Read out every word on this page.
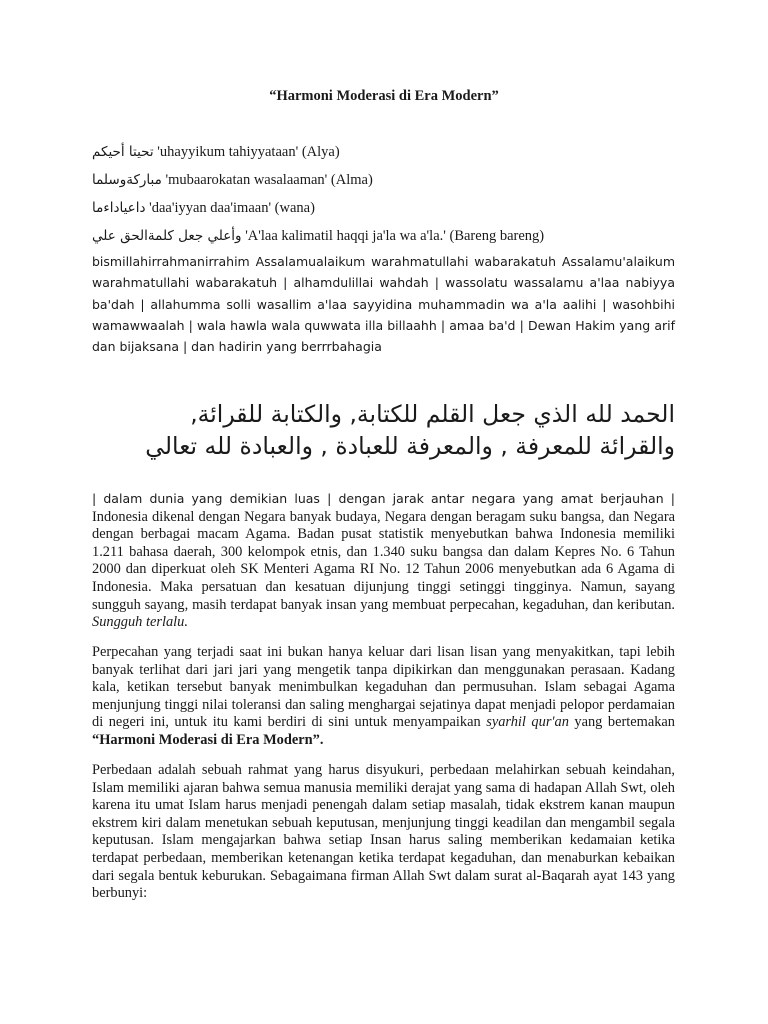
“Harmoni Moderasi di Era Modern”
تحيتا أحيكم 'uhayyikum tahiyyataan' (Alya)
مباركةوسلما 'mubaarokatan wasalaaman' (Alma)
داعياداءما 'daa'iyyan daa'imaan' (wana)
وأعلي جعل كلمةالحق علي 'A'laa kalimatil haqqi ja'la wa a'la.' (Bareng bareng)
bismillahirrahmanirrahim Assalamualaikum warahmatullahi wabarakatuh Assalamu'alaikum warahmatullahi wabarakatuh | alhamdulillai wahdah | wassolatu wassalamu a'laa nabiyya ba'dah | allahumma solli wasallim a'laa sayyidina muhammadin wa a'la aalihi | wasohbihi wamawwaalah | wala hawla wala quwwata illa billaahh | amaa ba'd | Dewan Hakim yang arif dan bijaksana | dan hadirin yang berrrbahagia
الحمد لله الذي جعل القلم للكتابة, والكتابة للقرائة,
والقرائة للمعرفة , والمعرفة للعبادة , والعبادة لله تعالي
| dalam dunia yang demikian luas | dengan jarak antar negara yang amat berjauhan | Indonesia dikenal dengan Negara banyak budaya, Negara dengan beragam suku bangsa, dan Negara dengan berbagai macam Agama. Badan pusat statistik menyebutkan bahwa Indonesia memiliki 1.211 bahasa daerah, 300 kelompok etnis, dan 1.340 suku bangsa dan dalam Kepres No. 6 Tahun 2000 dan diperkuat oleh SK Menteri Agama RI No. 12 Tahun 2006 menyebutkan ada 6 Agama di Indonesia. Maka persatuan dan kesatuan dijunjung tinggi setinggi tingginya. Namun, sayang sungguh sayang, masih terdapat banyak insan yang membuat perpecahan, kegaduhan, dan keributan. Sungguh terlalu.
Perpecahan yang terjadi saat ini bukan hanya keluar dari lisan lisan yang menyakitkan, tapi lebih banyak terlihat dari jari jari yang mengetik tanpa dipikirkan dan menggunakan perasaan. Kadang kala, ketikan tersebut banyak menimbulkan kegaduhan dan permusuhan. Islam sebagai Agama menjunjung tinggi nilai toleransi dan saling menghargai sejatinya dapat menjadi pelopor perdamaian di negeri ini, untuk itu kami berdiri di sini untuk menyampaikan syarhil qur'an yang bertemakan “Harmoni Moderasi di Era Modern”.
Perbedaan adalah sebuah rahmat yang harus disyukuri, perbedaan melahirkan sebuah keindahan, Islam memiliki ajaran bahwa semua manusia memiliki derajat yang sama di hadapan Allah Swt, oleh karena itu umat Islam harus menjadi penengah dalam setiap masalah, tidak ekstrem kanan maupun ekstrem kiri dalam menetukan sebuah keputusan, menjunjung tinggi keadilan dan mengambil segala keputusan. Islam mengajarkan bahwa setiap Insan harus saling memberikan kedamaian ketika terdapat perbedaan, memberikan ketenangan ketika terdapat kegaduhan, dan menaburkan kebaikan dari segala bentuk keburukan. Sebagaimana firman Allah Swt dalam surat al-Baqarah ayat 143 yang berbunyi:
